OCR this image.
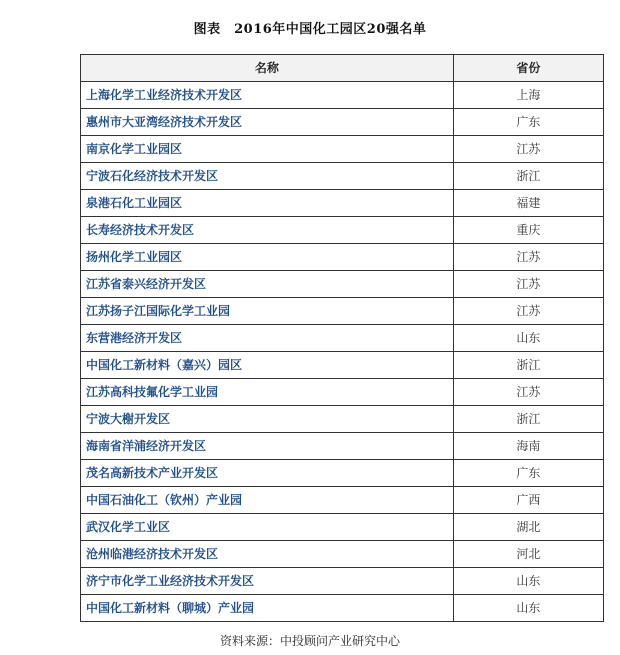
图表　2016年中国化工园区20强名单
名称	省份
上海化学工业经济技术开发区	上海
惠州市大亚湾经济技术开发区	广东
南京化学工业园区	江苏
宁波石化经济技术开发区	浙江
泉港石化工业园区	福建
长寿经济技术开发区	重庆
扬州化学工业园区	江苏
江苏省泰兴经济开发区	江苏
江苏扬子江国际化学工业园	江苏
东营港经济开发区	山东
中国化工新材料（嘉兴）园区	浙江
江苏高科技氟化学工业园	江苏
宁波大榭开发区	浙江
海南省洋浦经济开发区	海南
茂名高新技术产业开发区	广东
中国石油化工（钦州）产业园	广西
武汉化学工业区	湖北
沧州临港经济技术开发区	河北
济宁市化学工业经济技术开发区	山东
中国化工新材料（聊城）产业园	山东
资料来源：中投顾问产业研究中心
